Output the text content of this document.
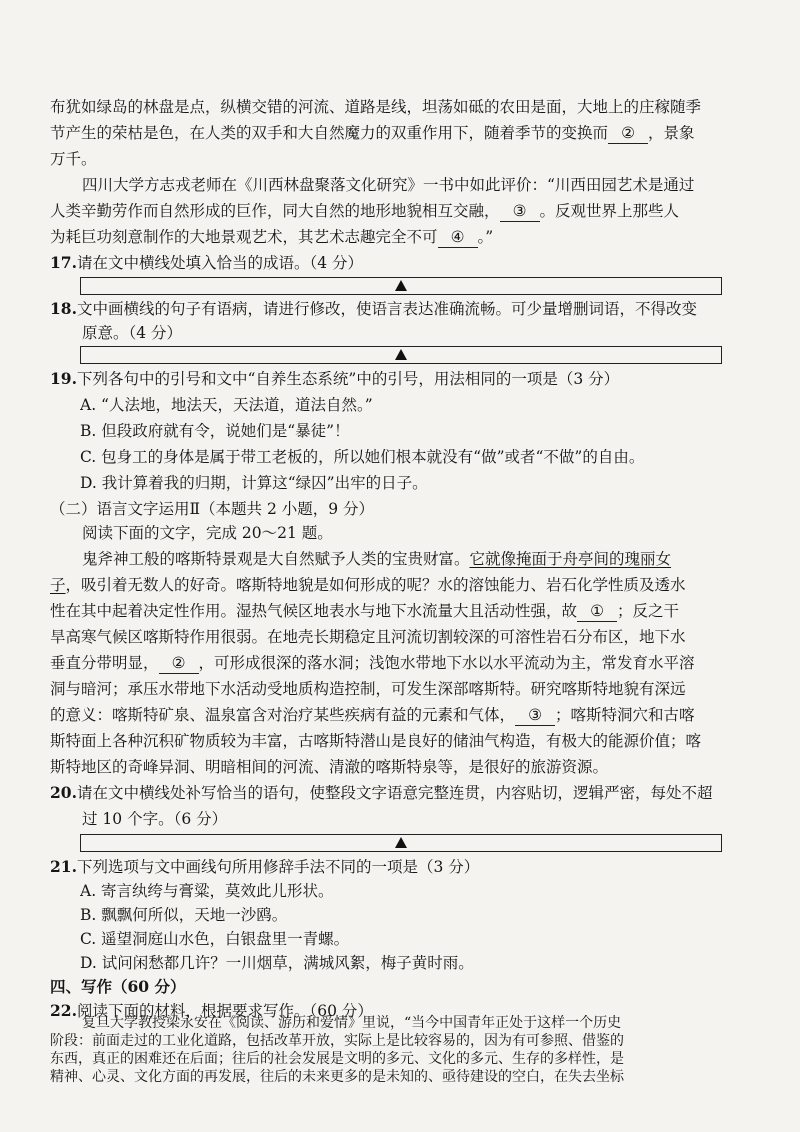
布犹如绿岛的林盘是点，纵横交错的河流、道路是线，坦荡如砥的农田是面，大地上的庄稼随季
节产生的荣枯是色，在人类的双手和大自然魔力的双重作用下，随着季节的变换而 ② ，景象
万千。
四川大学方志戎老师在《川西林盘聚落文化研究》一书中如此评价：“川西田园艺术是通过
人类辛勤劳作而自然形成的巨作，同大自然的地形地貌相互交融， ③ 。反观世界上那些人
为耗巨功刻意制作的大地景观艺术，其艺术志趣完全不可 ④ 。”
17.请在文中横线处填入恰当的成语。（4 分）
18.文中画横线的句子有语病，请进行修改，使语言表达准确流畅。可少量增删词语，不得改变
原意。（4 分）
19.下列各句中的引号和文中“自养生态系统”中的引号，用法相同的一项是（3 分）
A. “人法地，地法天，天法道，道法自然。”
B. 但段政府就有令，说她们是“暴徒”！
C. 包身工的身体是属于带工老板的，所以她们根本就没有“做”或者“不做”的自由。
D. 我计算着我的归期，计算这“绿囚”出牢的日子。
（二）语言文字运用Ⅱ（本题共 2 小题，9 分）
阅读下面的文字，完成 20～21 题。
鬼斧神工般的喀斯特景观是大自然赋予人类的宝贵财富。它就像掩面于舟亭间的瑰丽女
子，吸引着无数人的好奇。喀斯特地貌是如何形成的呢？水的溶蚀能力、岩石化学性质及透水
性在其中起着决定性作用。湿热气候区地表水与地下水流量大且活动性强，故 ① ；反之干
旱高寒气候区喀斯特作用很弱。在地壳长期稳定且河流切割较深的可溶性岩石分布区，地下水
垂直分带明显， ② ，可形成很深的落水洞；浅饱水带地下水以水平流动为主，常发育水平溶
洞与暗河；承压水带地下水活动受地质构造控制，可发生深部喀斯特。研究喀斯特地貌有深远
的意义：喀斯特矿泉、温泉富含对治疗某些疾病有益的元素和气体， ③ ；喀斯特洞穴和古喀
斯特面上各种沉积矿物质较为丰富，古喀斯特潜山是良好的储油气构造，有极大的能源价值；喀
斯特地区的奇峰异洞、明暗相间的河流、清澈的喀斯特泉等，是很好的旅游资源。
20.请在文中横线处补写恰当的语句，使整段文字语意完整连贯，内容贴切，逻辑严密，每处不超
过 10 个字。（6 分）
21.下列选项与文中画线句所用修辞手法不同的一项是（3 分）
A. 寄言纨绔与膏粱，莫效此儿形状。
B. 飘飘何所似，天地一沙鸥。
C. 遥望洞庭山水色，白银盘里一青螺。
D. 试问闲愁都几许？一川烟草，满城风絮，梅子黄时雨。
四、写作（60 分）
22.阅读下面的材料，根据要求写作。（60 分）
复旦大学教授梁永安在《阅读、游历和爱情》里说，“当今中国青年正处于这样一个历史
阶段：前面走过的工业化道路，包括改革开放，实际上是比较容易的，因为有可参照、借鉴的
东西，真正的困难还在后面；往后的社会发展是文明的多元、文化的多元、生存的多样性，是
精神、心灵、文化方面的再发展，往后的未来更多的是未知的、亟待建设的空白，在失去坐标
